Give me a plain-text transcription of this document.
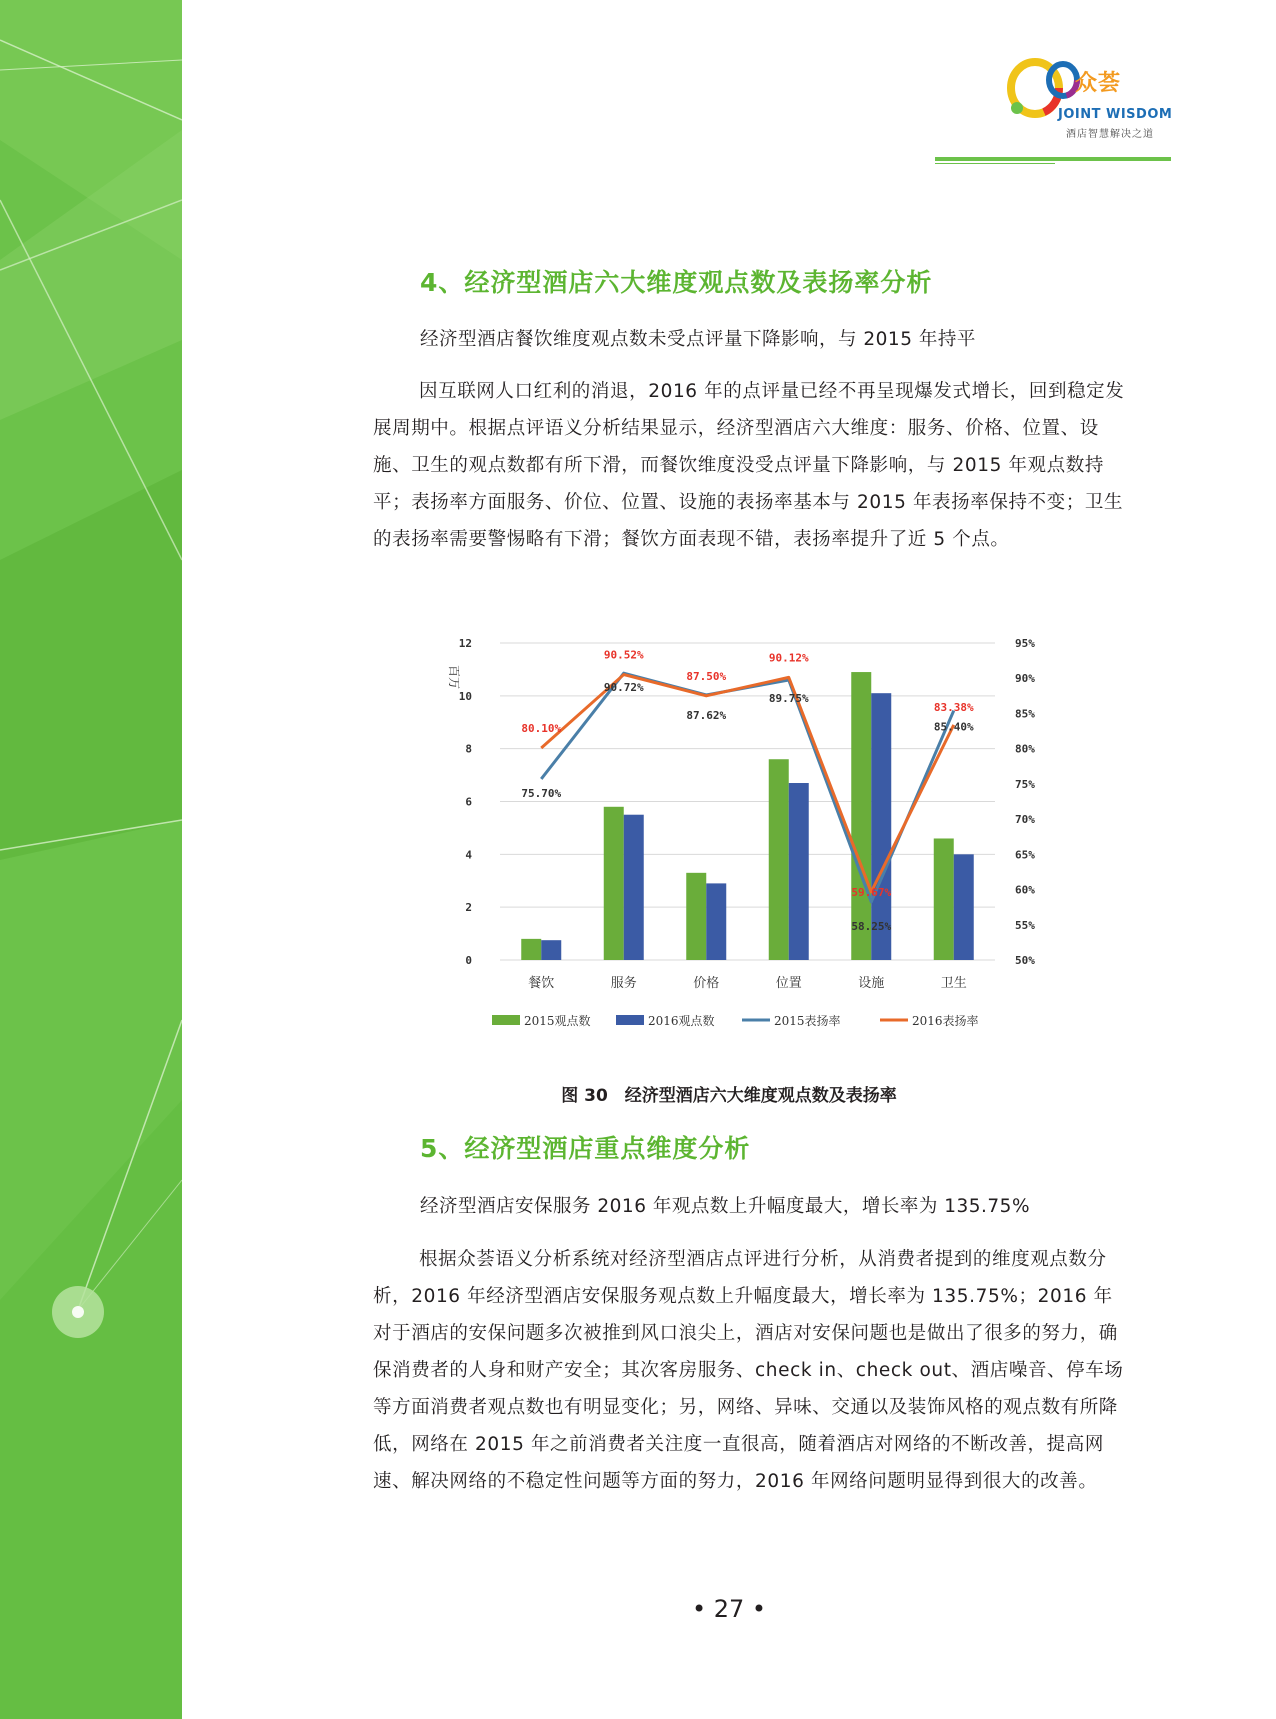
众荟
JOINT WISDOM
酒店智慧解决之道
4、经济型酒店六大维度观点数及表扬率分析
经济型酒店餐饮维度观点数未受点评量下降影响，与 2015 年持平

因互联网人口红利的消退，2016 年的点评量已经不再呈现爆发式增长，回到稳定发展周期中。根据点评语义分析结果显示，经济型酒店六大维度：服务、价格、位置、设施、卫生的观点数都有所下滑，而餐饮维度没受点评量下降影响，与 2015 年观点数持平；表扬率方面服务、价位、位置、设施的表扬率基本与 2015 年表扬率保持不变；卫生的表扬率需要警惕略有下滑；餐饮方面表现不错，表扬率提升了近 5 个点。

0
2
4
6
8
10
12
50%
55%
60%
65%
70%
75%
80%
85%
90%
95%
百万
餐饮	服务	价格	位置	设施	卫生
75.70%
90.72%
87.62%
89.75%
58.25%
85.40%
80.10%
90.52%
87.50%
90.12%
59.67%
83.38%
2015观点数	2016观点数	2015表扬率	2016表扬率
图 30　经济型酒店六大维度观点数及表扬率
5、经济型酒店重点维度分析
经济型酒店安保服务 2016 年观点数上升幅度最大，增长率为 135.75%

根据众荟语义分析系统对经济型酒店点评进行分析，从消费者提到的维度观点数分析，2016 年经济型酒店安保服务观点数上升幅度最大，增长率为 135.75%；2016 年对于酒店的安保问题多次被推到风口浪尖上，酒店对安保问题也是做出了很多的努力，确保消费者的人身和财产安全；其次客房服务、check in、check out、酒店噪音、停车场等方面消费者观点数也有明显变化；另，网络、异味、交通以及装饰风格的观点数有所降低，网络在 2015 年之前消费者关注度一直很高，随着酒店对网络的不断改善，提高网速、解决网络的不稳定性问题等方面的努力，2016 年网络问题明显得到很大的改善。

• 27 •
